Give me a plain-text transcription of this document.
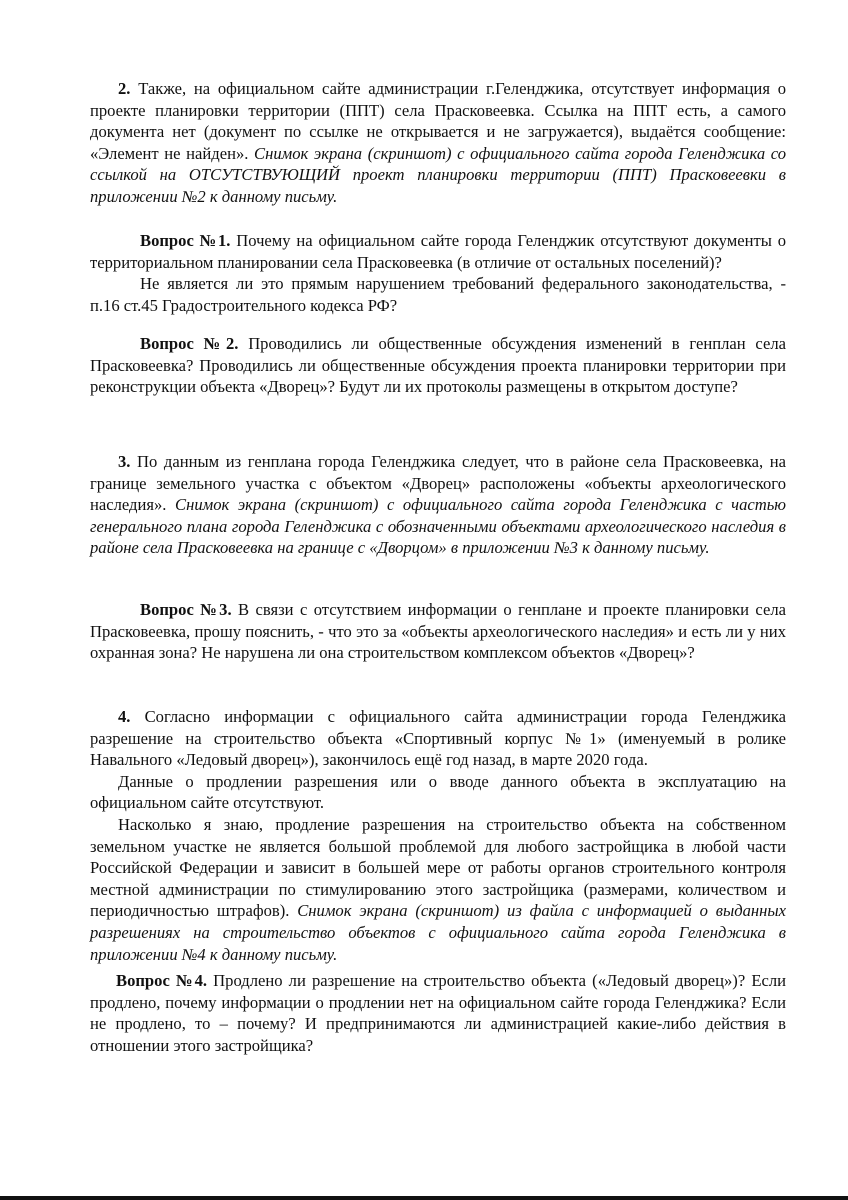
2. Также, на официальном сайте администрации г.Геленджика, отсутствует информация о проекте планировки территории (ППТ) села Прасковеевка. Ссылка на ППТ есть, а самого документа нет (документ по ссылке не открывается и не загружается), выдаётся сообщение: «Элемент не найден». Снимок экрана (скриншот) с официального сайта города Геленджика со ссылкой на ОТСУТСТВУЮЩИЙ проект планировки территории (ППТ) Прасковеевки в приложении №2 к данному письму.

Вопрос №1. Почему на официальном сайте города Геленджик отсутствуют документы о территориальном планировании села Прасковеевка (в отличие от остальных поселений)?

Не является ли это прямым нарушением требований федерального законодательства, - п.16 ст.45 Градостроительного кодекса РФ?

Вопрос №2. Проводились ли общественные обсуждения изменений в генплан села Прасковеевка? Проводились ли общественные обсуждения проекта планировки территории при реконструкции объекта «Дворец»? Будут ли их протоколы размещены в открытом доступе?

3. По данным из генплана города Геленджика следует, что в районе села Прасковеевка, на границе земельного участка с объектом «Дворец» расположены «объекты археологического наследия». Снимок экрана (скриншот) с официального сайта города Геленджика с частью генерального плана города Геленджика с обозначенными объектами археологического наследия в районе села Прасковеевка на границе с «Дворцом» в приложении №3 к данному письму.

Вопрос №3. В связи с отсутствием информации о генплане и проекте планировки села Прасковеевка, прошу пояснить, - что это за «объекты археологического наследия» и есть ли у них охранная зона? Не нарушена ли она строительством комплексом объектов «Дворец»?

4. Согласно информации с официального сайта администрации города Геленджика разрешение на строительство объекта «Спортивный корпус №1» (именуемый в ролике Навального «Ледовый дворец»), закончилось ещё год назад, в марте 2020 года.

Данные о продлении разрешения или о вводе данного объекта в эксплуатацию на официальном сайте отсутствуют.

Насколько я знаю, продление разрешения на строительство объекта на собственном земельном участке не является большой проблемой для любого застройщика в любой части Российской Федерации и зависит в большей мере от работы органов строительного контроля местной администрации по стимулированию этого застройщика (размерами, количеством и периодичностью штрафов). Снимок экрана (скриншот) из файла с информацией о выданных разрешениях на строительство объектов с официального сайта города Геленджика в приложении №4 к данному письму.

Вопрос №4. Продлено ли разрешение на строительство объекта («Ледовый дворец»)? Если продлено, почему информации о продлении нет на официальном сайте города Геленджика? Если не продлено, то – почему? И предпринимаются ли администрацией какие-либо действия в отношении этого застройщика?
